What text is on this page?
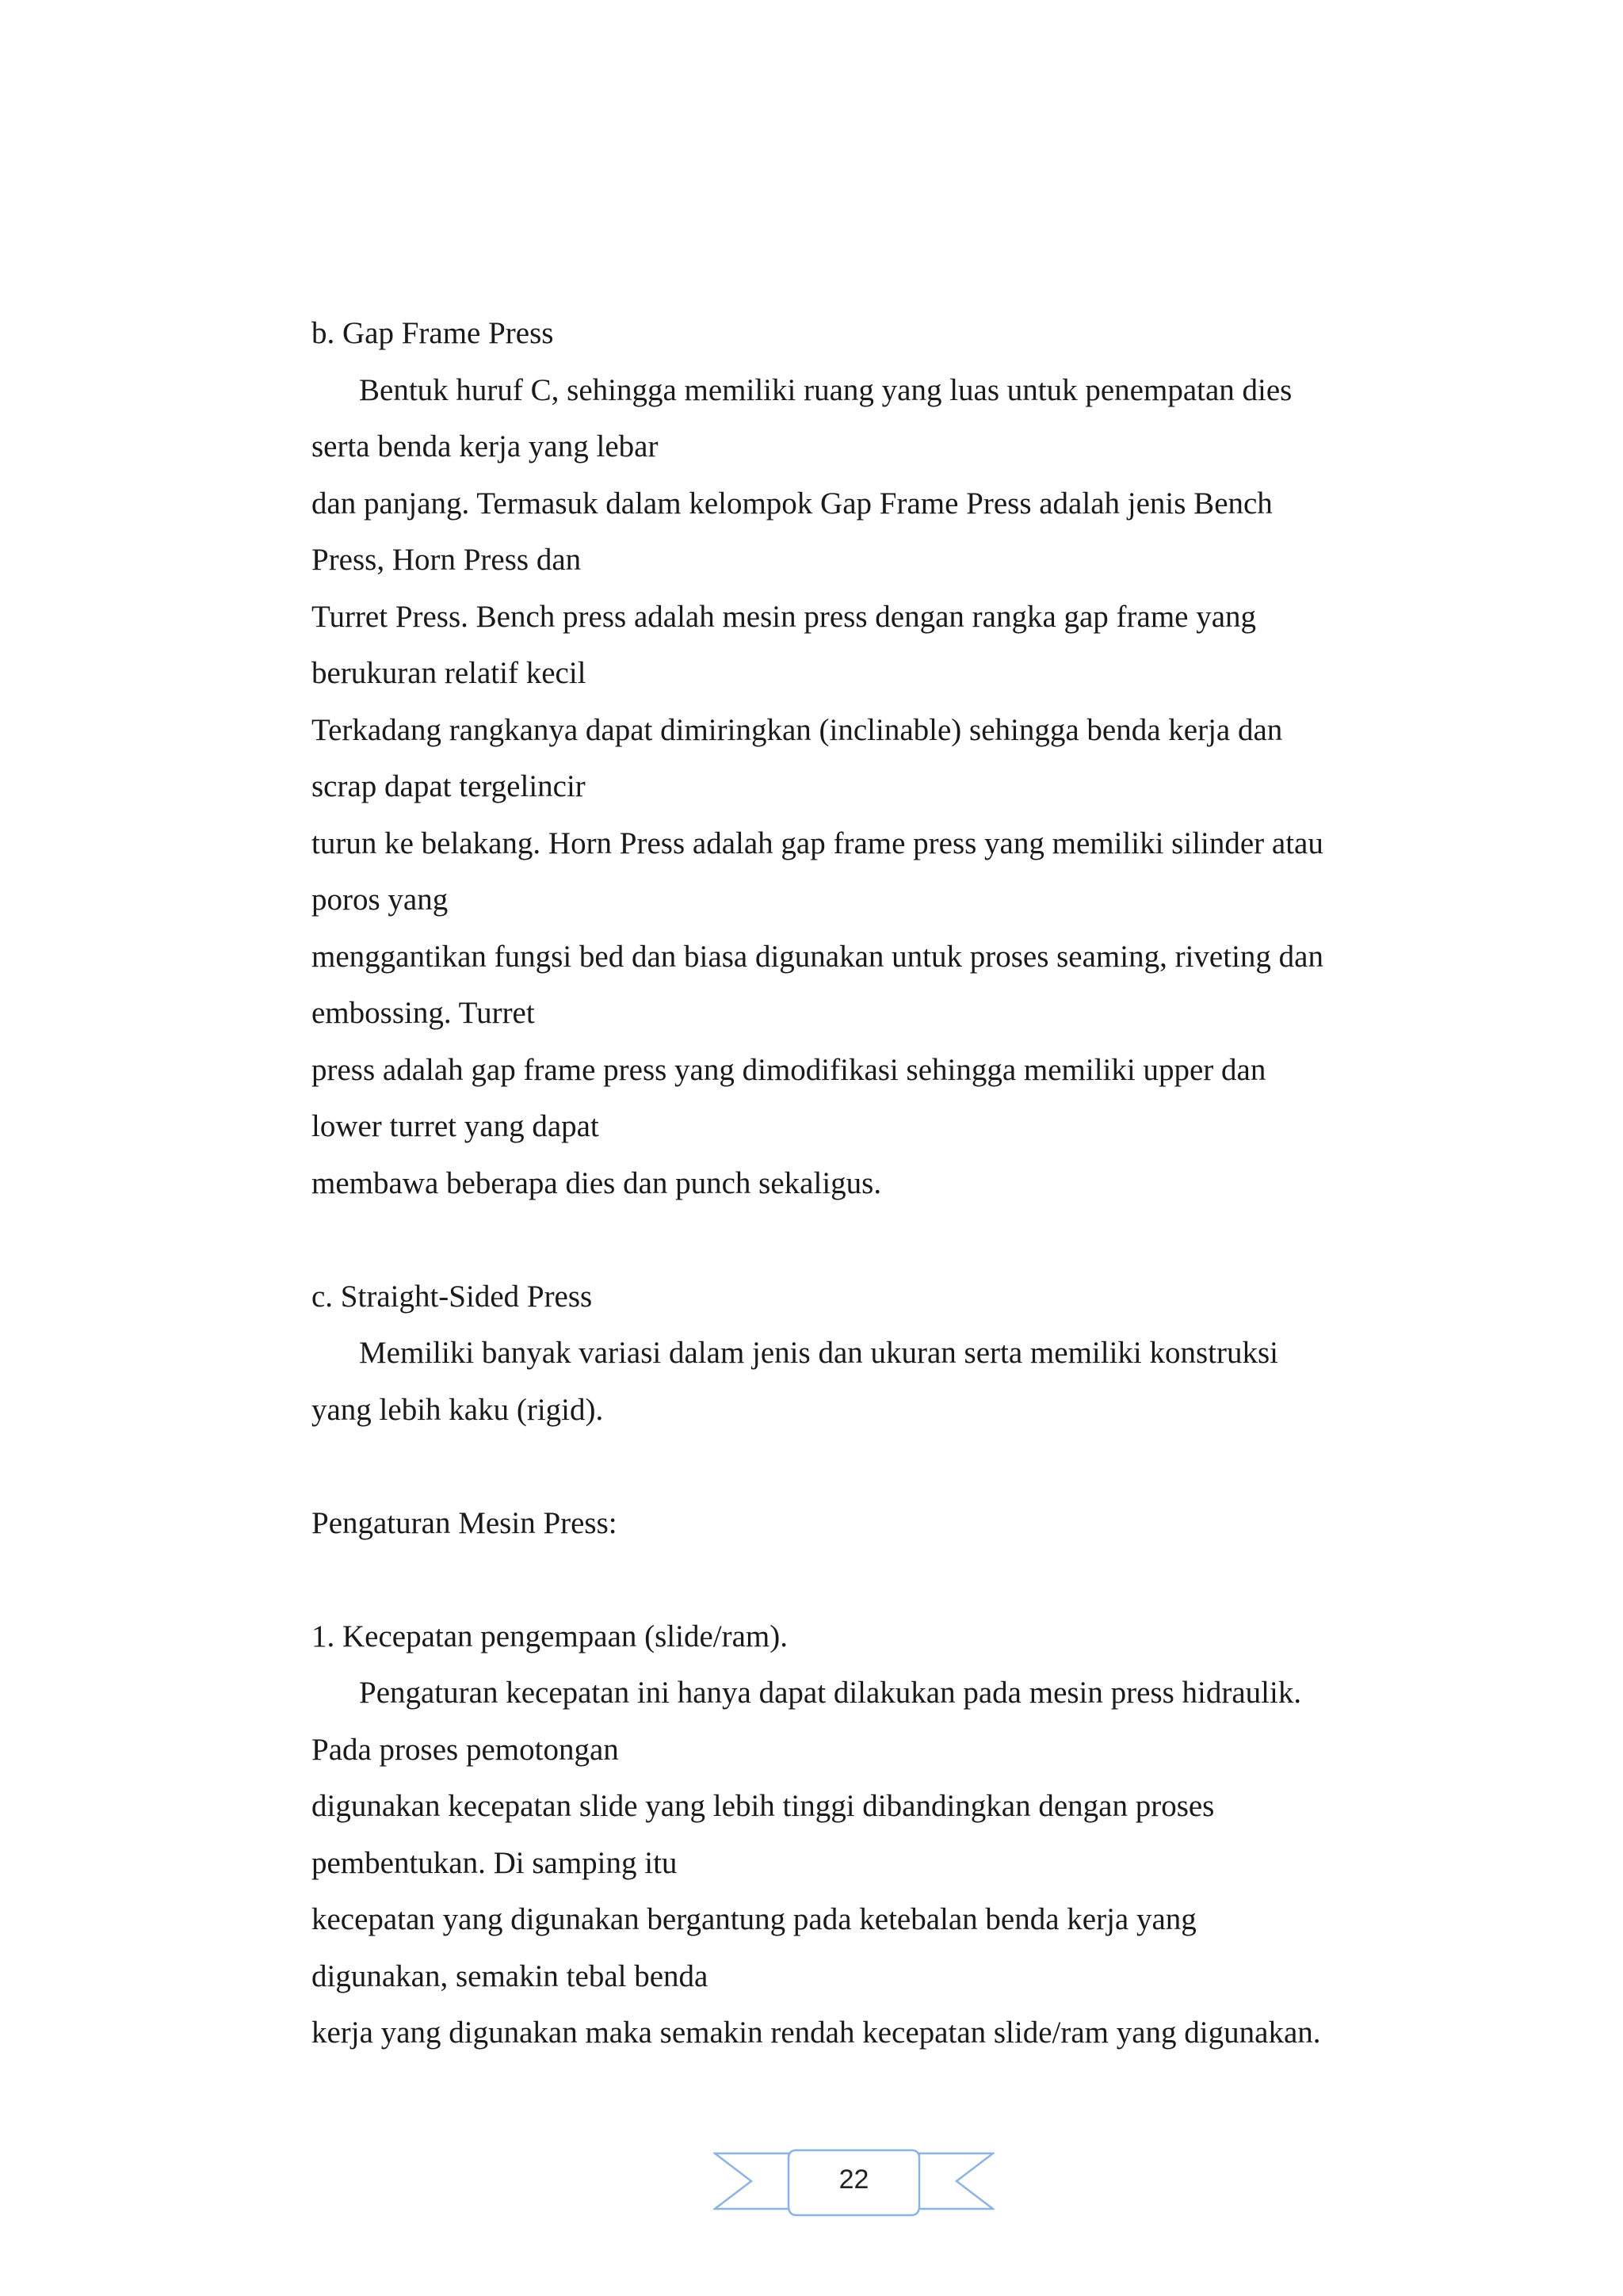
b. Gap Frame Press
Bentuk huruf C, sehingga memiliki ruang yang luas untuk penempatan dies
serta benda kerja yang lebar
dan panjang. Termasuk dalam kelompok Gap Frame Press adalah jenis Bench
Press, Horn Press dan
Turret Press. Bench press adalah mesin press dengan rangka gap frame yang
berukuran relatif kecil
Terkadang rangkanya dapat dimiringkan (inclinable) sehingga benda kerja dan
scrap dapat tergelincir
turun ke belakang. Horn Press adalah gap frame press yang memiliki silinder atau
poros yang
menggantikan fungsi bed dan biasa digunakan untuk proses seaming, riveting dan
embossing. Turret
press adalah gap frame press yang dimodifikasi sehingga memiliki upper dan
lower turret yang dapat
membawa beberapa dies dan punch sekaligus.
c. Straight-Sided Press
Memiliki banyak variasi dalam jenis dan ukuran serta memiliki konstruksi
yang lebih kaku (rigid).
Pengaturan Mesin Press:
1. Kecepatan pengempaan (slide/ram).
Pengaturan kecepatan ini hanya dapat dilakukan pada mesin press hidraulik.
Pada proses pemotongan
digunakan kecepatan slide yang lebih tinggi dibandingkan dengan proses
pembentukan. Di samping itu
kecepatan yang digunakan bergantung pada ketebalan benda kerja yang
digunakan, semakin tebal benda
kerja yang digunakan maka semakin rendah kecepatan slide/ram yang digunakan.
22
